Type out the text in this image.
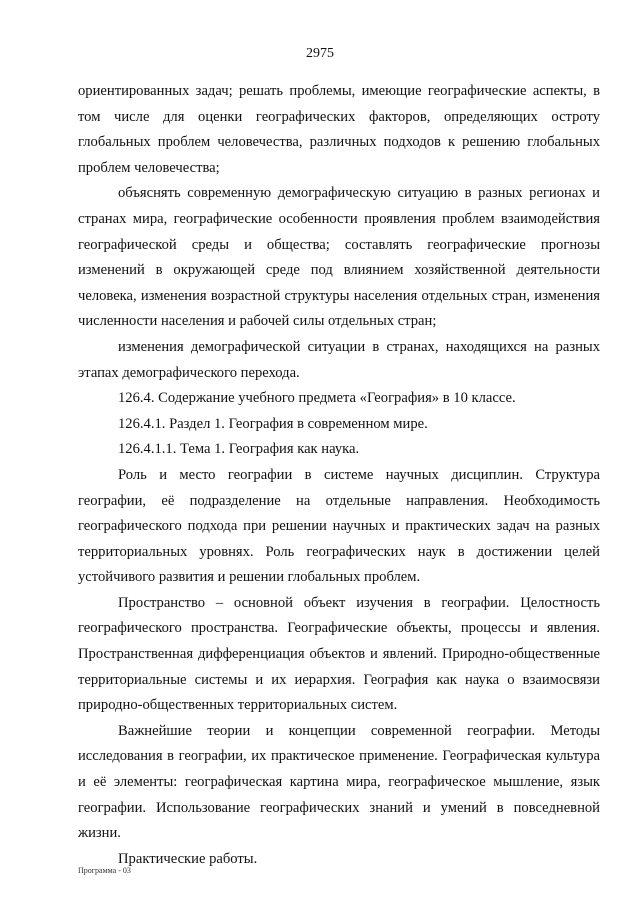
2975

ориентированных задач; решать проблемы, имеющие географические аспекты, в том числе для оценки географических факторов, определяющих остроту глобальных проблем человечества, различных подходов к решению глобальных проблем человечества;

объяснять современную демографическую ситуацию в разных регионах и странах мира, географические особенности проявления проблем взаимодействия географической среды и общества; составлять географические прогнозы изменений в окружающей среде под влиянием хозяйственной деятельности человека, изменения возрастной структуры населения отдельных стран, изменения численности населения и рабочей силы отдельных стран;

изменения демографической ситуации в странах, находящихся на разных этапах демографического перехода.

126.4. Содержание учебного предмета «География» в 10 классе.

126.4.1. Раздел 1. География в современном мире.

126.4.1.1. Тема 1. География как наука.

Роль и место географии в системе научных дисциплин. Структура географии, её подразделение на отдельные направления. Необходимость географического подхода при решении научных и практических задач на разных территориальных уровнях. Роль географических наук в достижении целей устойчивого развития и решении глобальных проблем.

Пространство – основной объект изучения в географии. Целостность географического пространства. Географические объекты, процессы и явления. Пространственная дифференциация объектов и явлений. Природно-общественные территориальные системы и их иерархия. География как наука о взаимосвязи природно-общественных территориальных систем.

Важнейшие теории и концепции современной географии. Методы исследования в географии, их практическое применение. Географическая культура и её элементы: географическая картина мира, географическое мышление, язык географии. Использование географических знаний и умений в повседневной жизни.

Практические работы.

Программа - 03
